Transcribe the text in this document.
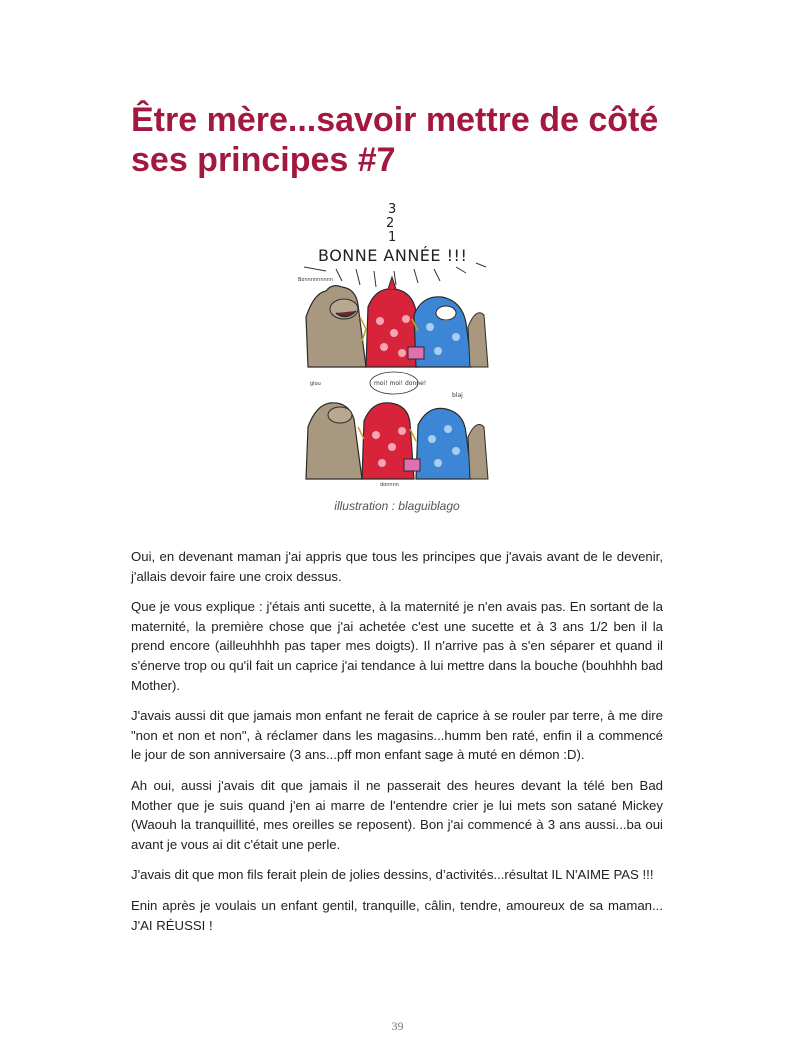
Être mère...savoir mettre de côté
ses principes #7
3
2
1
BONNE ANNÉE !!!
Bonnnnnnnnn
glou	moi! moi! donne!
blaj
donnnn
illustration : blaguiblago

Oui, en devenant maman j'ai appris que tous les principes que j'avais avant de le devenir, j'allais devoir faire une croix dessus.

Que je vous explique : j'étais anti sucette, à la maternité je n'en avais pas. En sortant de la maternité, la première chose que j'ai achetée c'est une sucette et à 3 ans 1/2 ben il la prend encore (ailleuhhhh pas taper mes doigts). Il n'arrive pas à s'en séparer et quand il s'énerve trop ou qu'il fait un caprice j'ai tendance à lui mettre dans la bouche (bouhhhh bad Mother).

J'avais aussi dit que jamais mon enfant ne ferait de caprice à se rouler par terre, à me dire "non et non et non", à réclamer dans les magasins...humm ben raté, enfin il a commencé le jour de son anniversaire (3 ans...pff mon enfant sage à muté en démon :D).

Ah oui, aussi j'avais dit que jamais il ne passerait des heures devant la télé ben Bad Mother que je suis quand j'en ai marre de l'entendre crier je lui mets son satané Mickey (Waouh la tranquillité, mes oreilles se reposent). Bon j'ai commencé à 3 ans aussi...ba oui avant je vous ai dit c'était une perle.

J'avais dit que mon fils ferait plein de jolies dessins, d’activités...résultat IL N'AIME PAS !!!

Enin après je voulais un enfant gentil, tranquille, câlin, tendre, amoureux de sa maman... J'AI RÉUSSI !

39
